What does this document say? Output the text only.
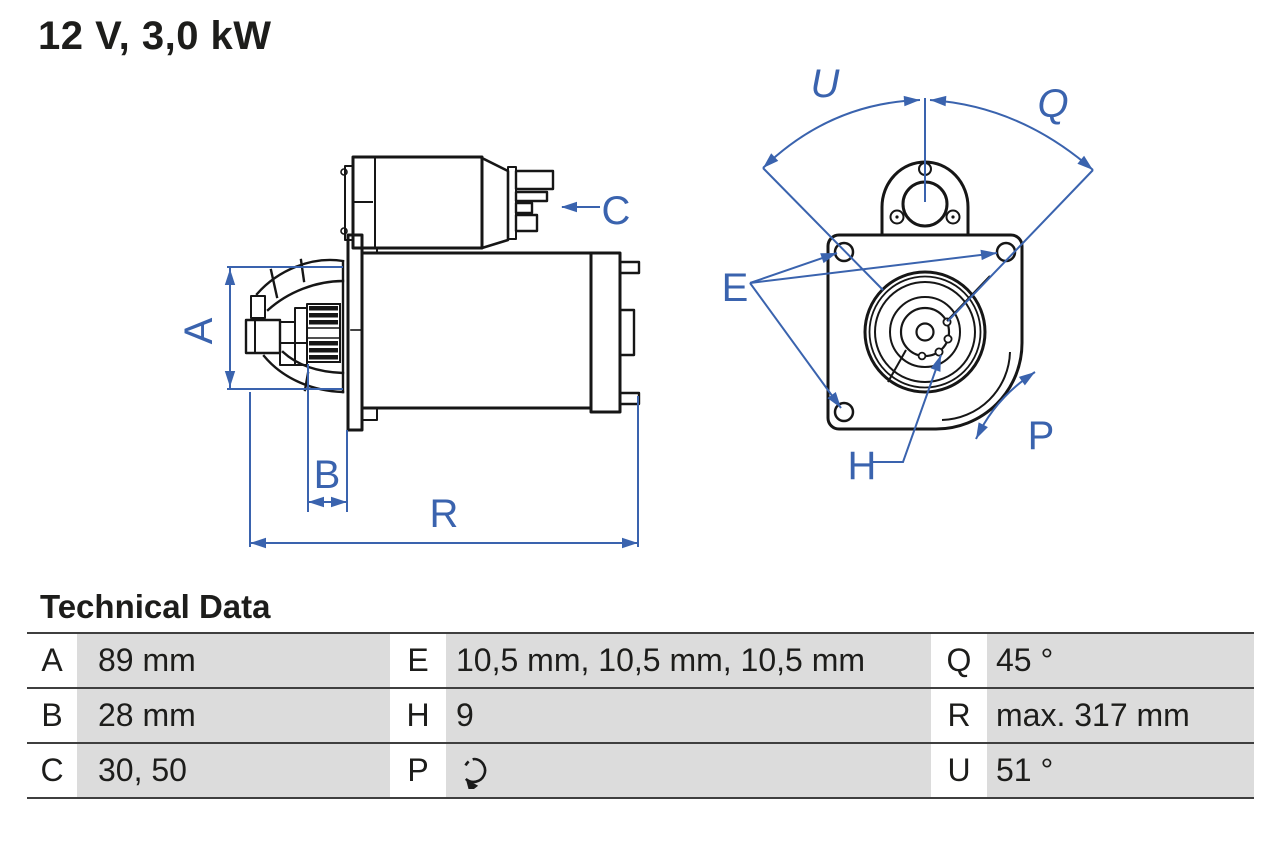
12 V, 3,0 kW
A
B
C
R
U	Q
E
H
P
Technical Data
A	89 mm	E 10,5 mm, 10,5 mm, 10,5 mm	Q 45 °
B	28 mm	H 9	R max. 317 mm
C	30, 50	P	U 51 °
